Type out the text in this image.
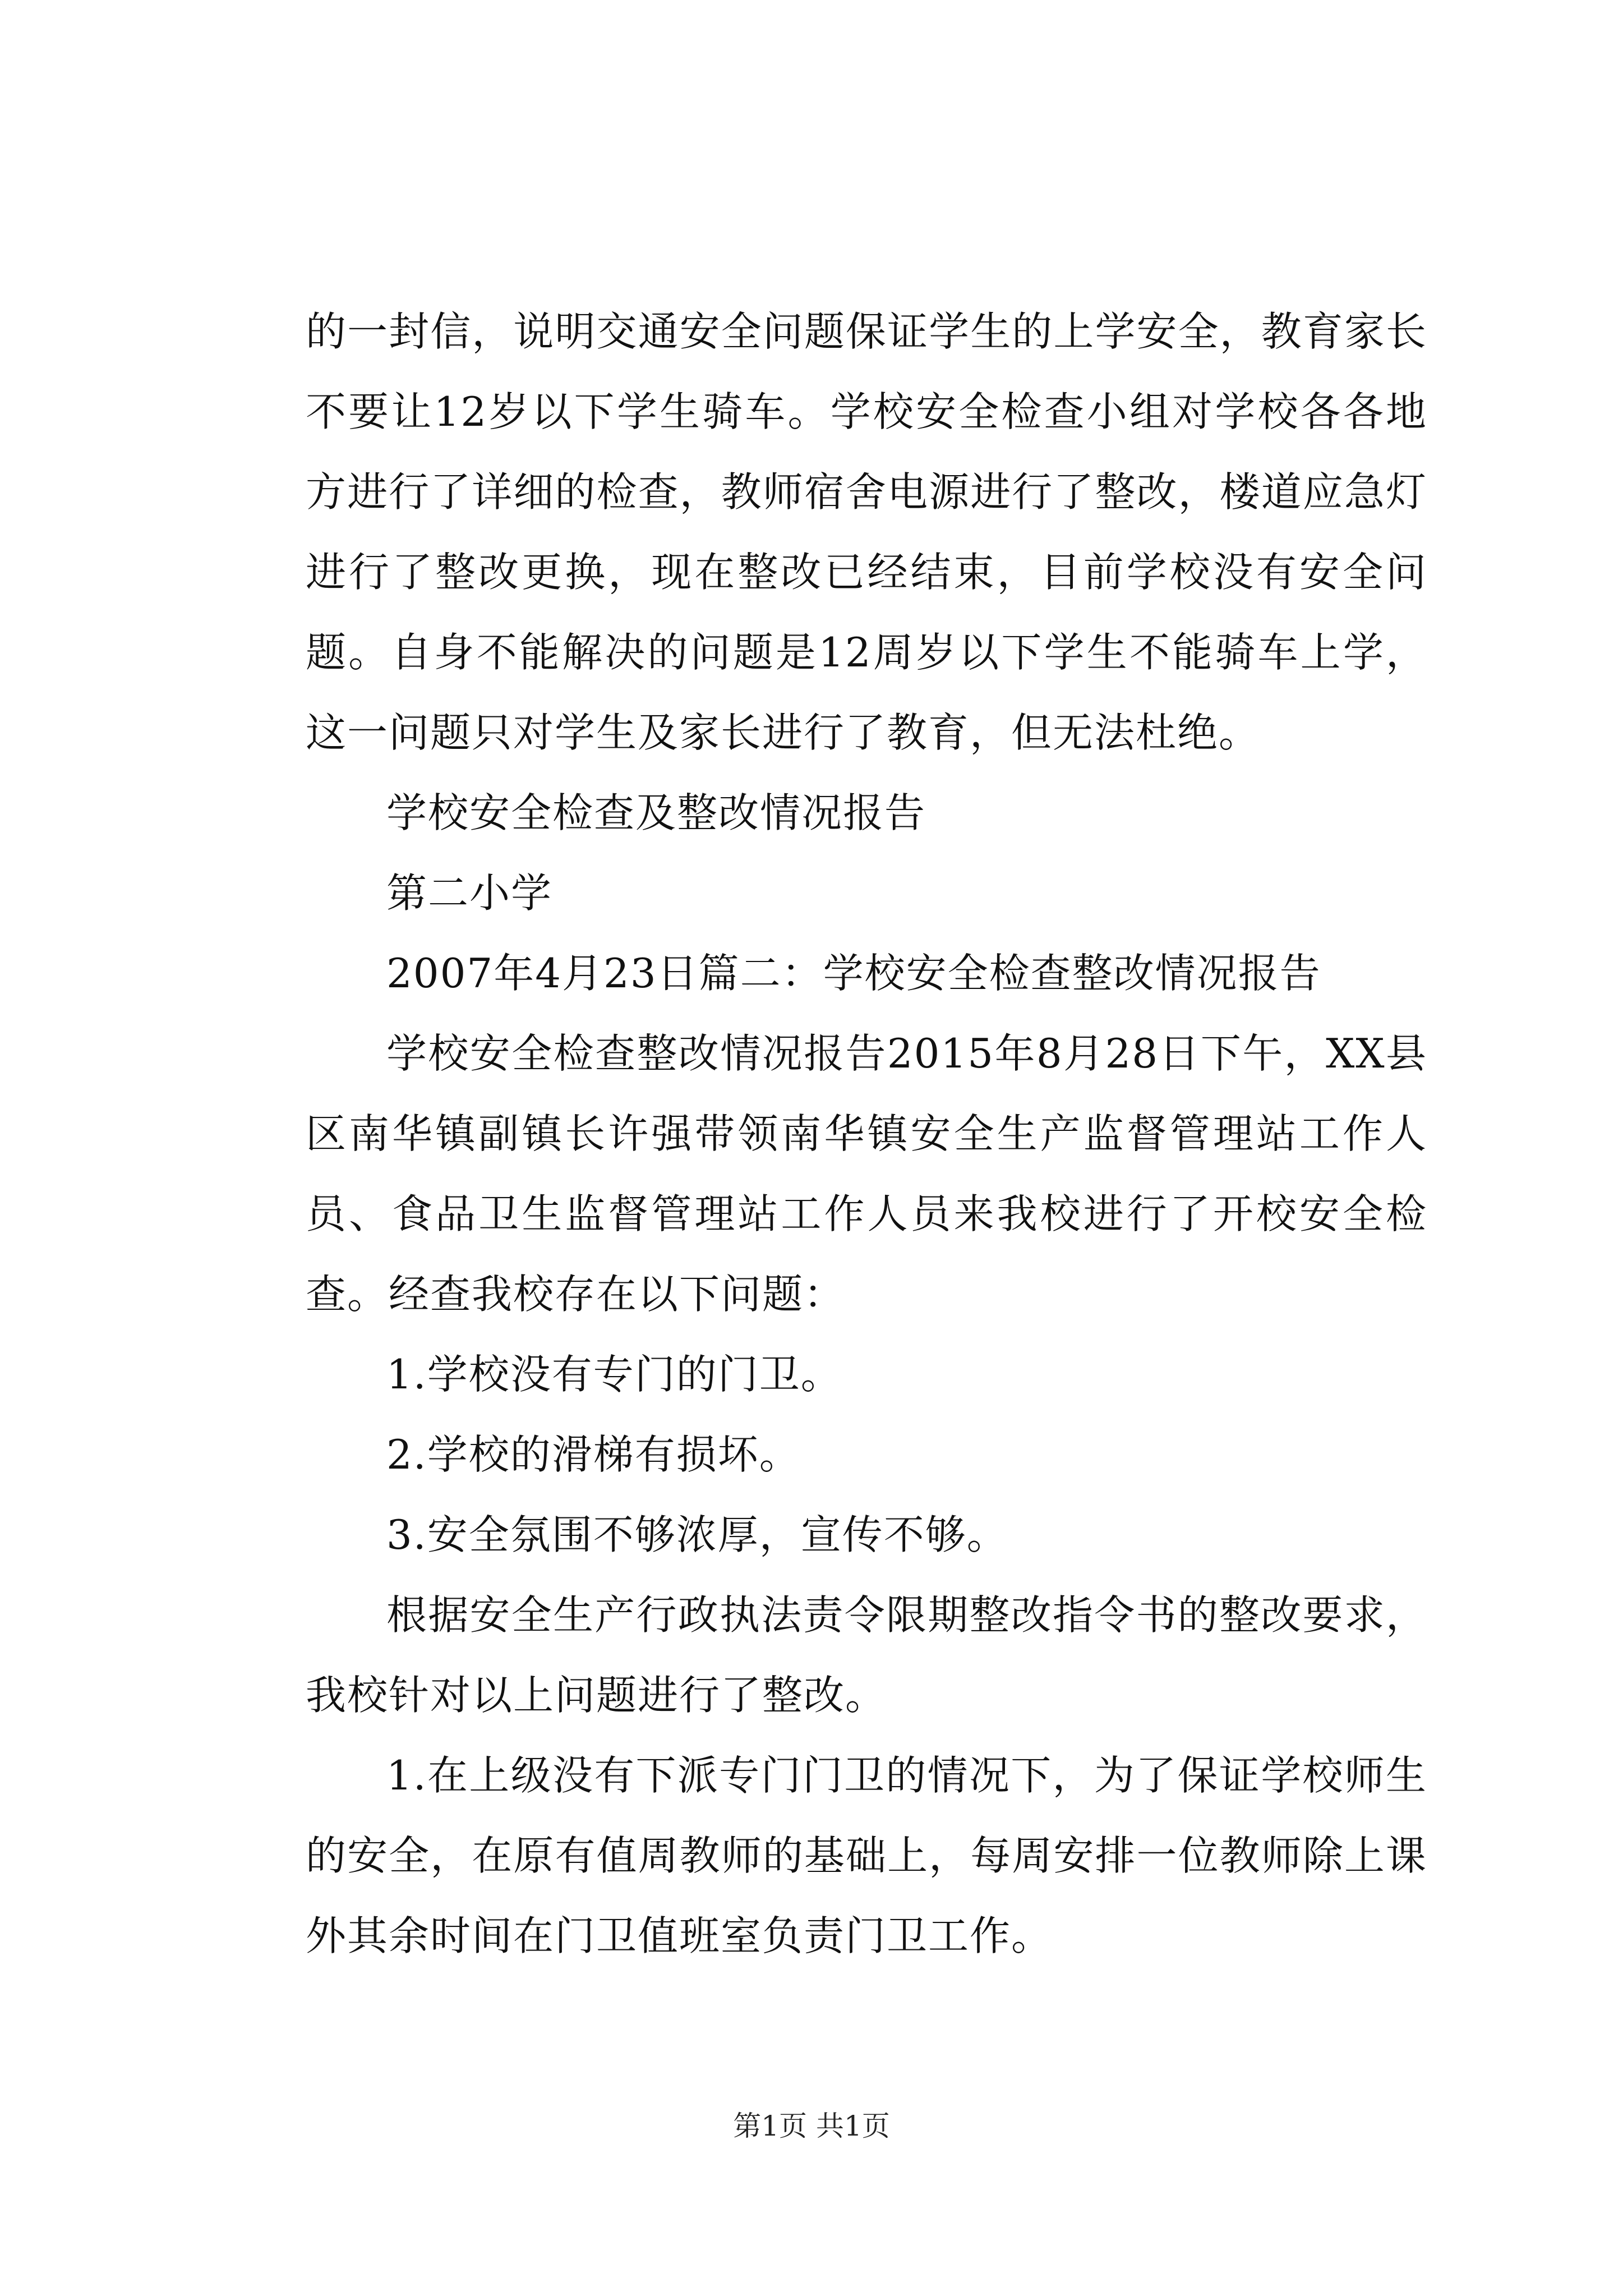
的一封信，说明交通安全问题保证学生的上学安全，教育家长不要让12岁以下学生骑车。学校安全检查小组对学校各各地方进行了详细的检查，教师宿舍电源进行了整改，楼道应急灯进行了整改更换，现在整改已经结束，目前学校没有安全问题。自身不能解决的问题是12周岁以下学生不能骑车上学，这一问题只对学生及家长进行了教育，但无法杜绝。

学校安全检查及整改情况报告

第二小学

2007年4月23日篇二：学校安全检查整改情况报告

学校安全检查整改情况报告2015年8月28日下午，XX县区南华镇副镇长许强带领南华镇安全生产监督管理站工作人员、食品卫生监督管理站工作人员来我校进行了开校安全检查。经查我校存在以下问题：

1.学校没有专门的门卫。

2.学校的滑梯有损坏。

3.安全氛围不够浓厚，宣传不够。

根据安全生产行政执法责令限期整改指令书的整改要求，我校针对以上问题进行了整改。

1.在上级没有下派专门门卫的情况下，为了保证学校师生的安全，在原有值周教师的基础上，每周安排一位教师除上课外其余时间在门卫值班室负责门卫工作。

第1页 共1页
